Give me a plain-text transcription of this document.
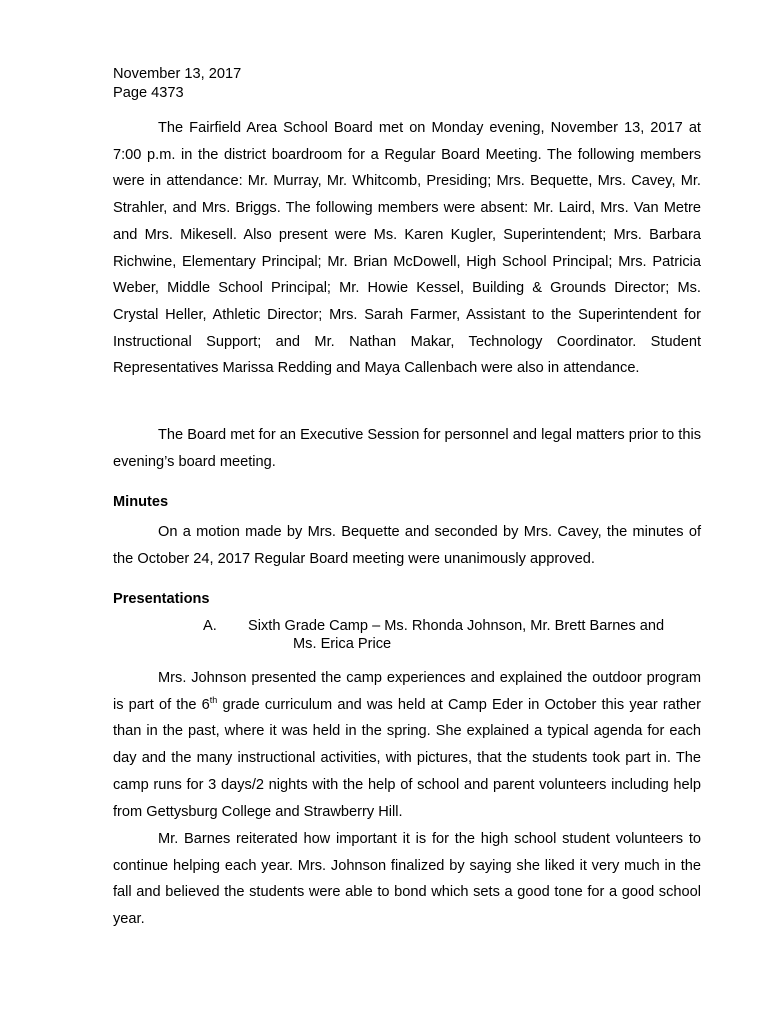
November 13, 2017
Page 4373

The Fairfield Area School Board met on Monday evening, November 13, 2017 at 7:00 p.m. in the district boardroom for a Regular Board Meeting. The following members were in attendance: Mr. Murray, Mr. Whitcomb, Presiding; Mrs. Bequette, Mrs. Cavey, Mr. Strahler, and Mrs. Briggs. The following members were absent: Mr. Laird, Mrs. Van Metre and Mrs. Mikesell. Also present were Ms. Karen Kugler, Superintendent; Mrs. Barbara Richwine, Elementary Principal; Mr. Brian McDowell, High School Principal; Mrs. Patricia Weber, Middle School Principal; Mr. Howie Kessel, Building & Grounds Director; Ms. Crystal Heller, Athletic Director; Mrs. Sarah Farmer, Assistant to the Superintendent for Instructional Support; and Mr. Nathan Makar, Technology Coordinator. Student Representatives Marissa Redding and Maya Callenbach were also in attendance.

The Board met for an Executive Session for personnel and legal matters prior to this evening’s board meeting.

Minutes

On a motion made by Mrs. Bequette and seconded by Mrs. Cavey, the minutes of the October 24, 2017 Regular Board meeting were unanimously approved.

Presentations
A. Sixth Grade Camp – Ms. Rhonda Johnson, Mr. Brett Barnes and
Ms. Erica Price

Mrs. Johnson presented the camp experiences and explained the outdoor program is part of the 6th grade curriculum and was held at Camp Eder in October this year rather than in the past, where it was held in the spring. She explained a typical agenda for each day and the many instructional activities, with pictures, that the students took part in. The camp runs for 3 days/2 nights with the help of school and parent volunteers including help from Gettysburg College and Strawberry Hill.

Mr. Barnes reiterated how important it is for the high school student volunteers to continue helping each year. Mrs. Johnson finalized by saying she liked it very much in the fall and believed the students were able to bond which sets a good tone for a good school year.
